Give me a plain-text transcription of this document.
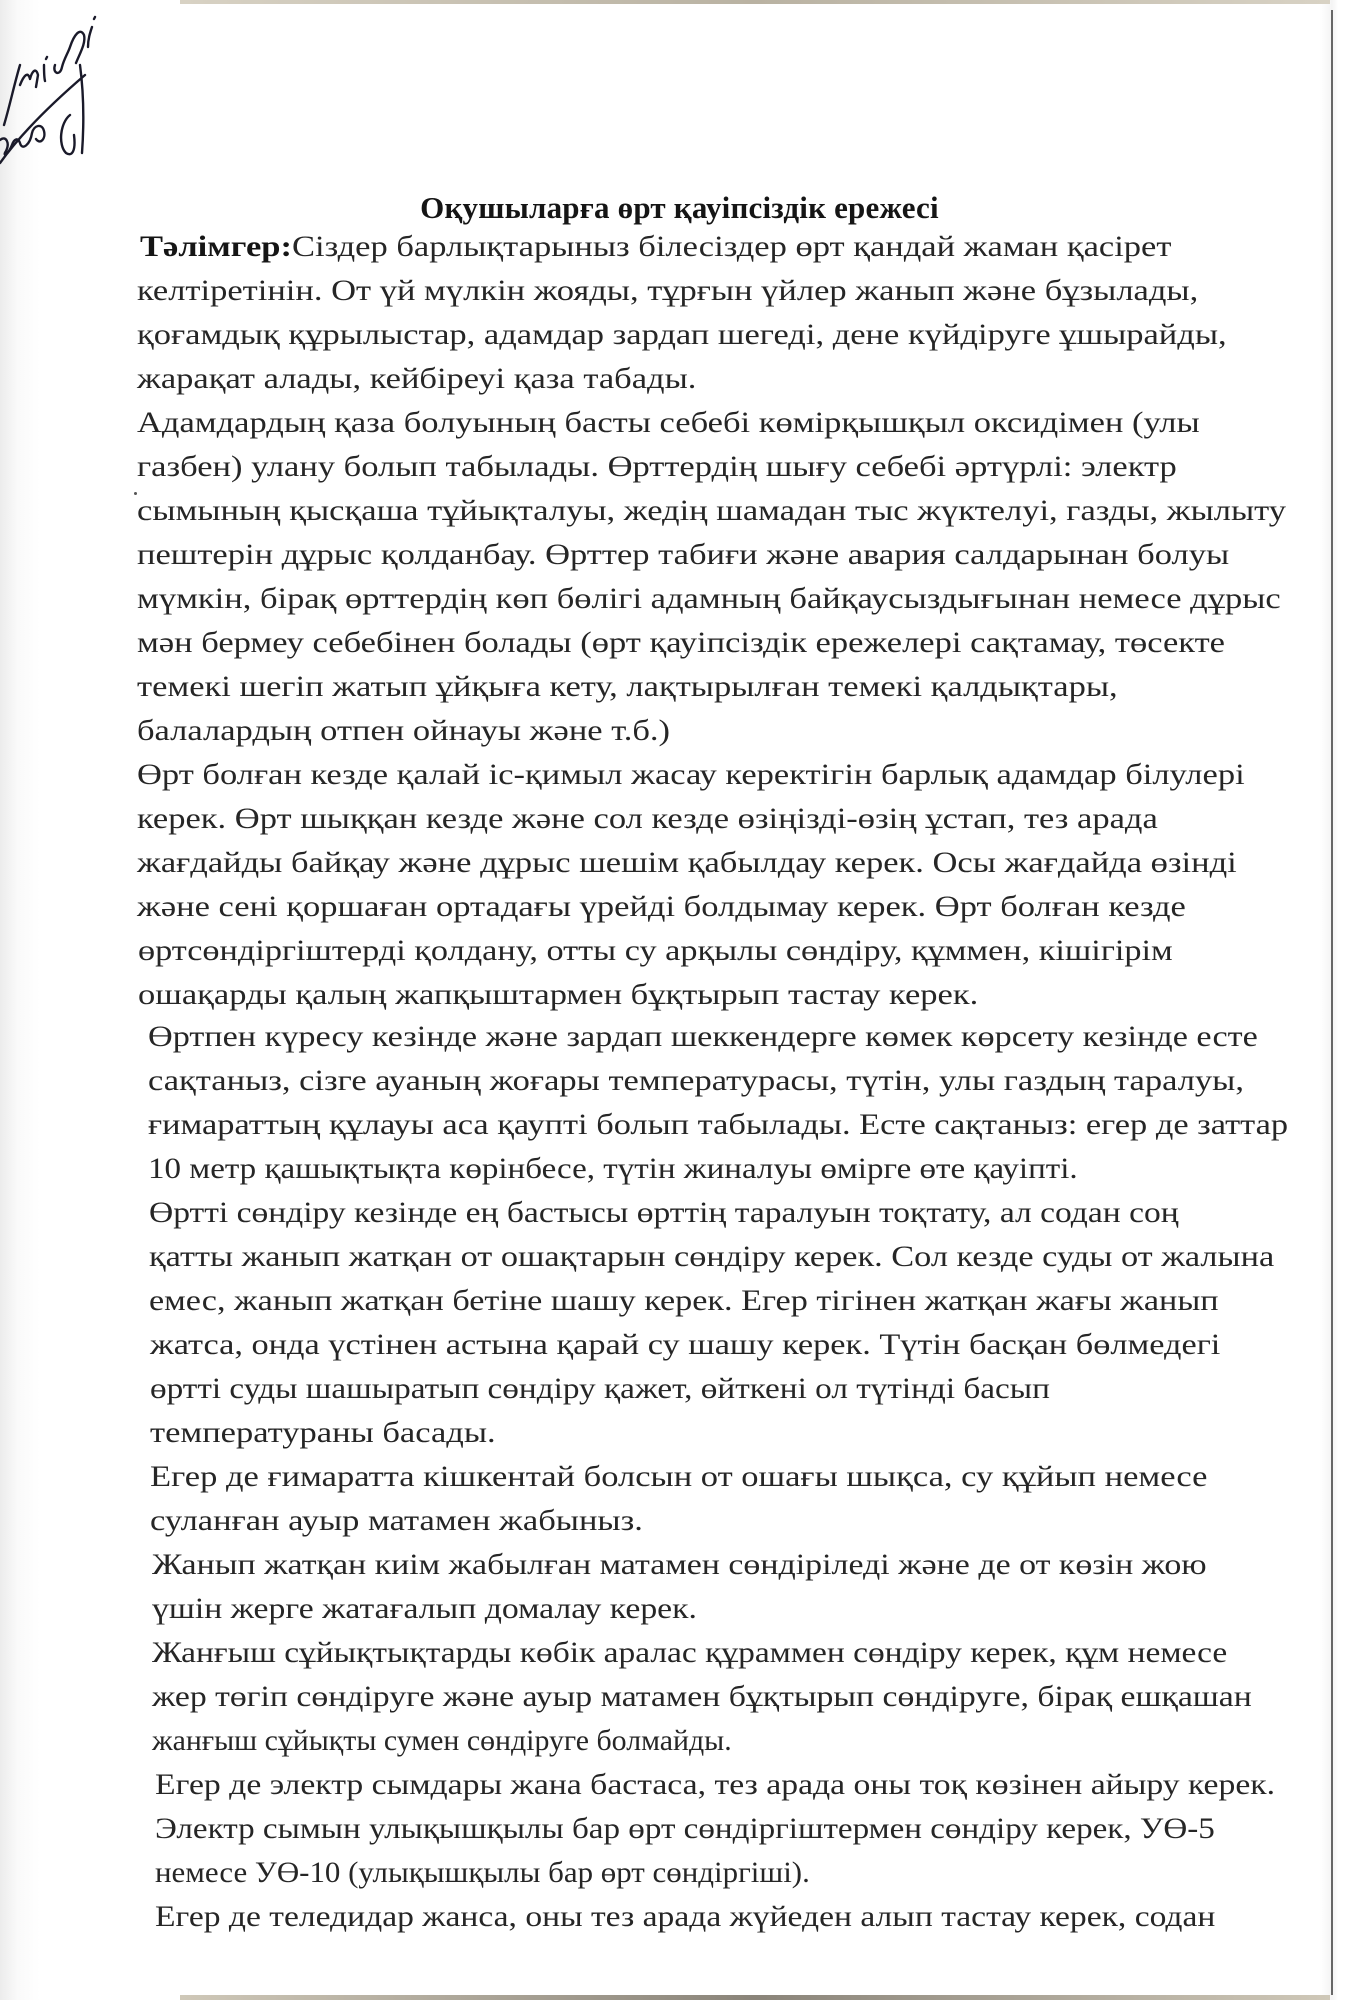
Оқушыларға өрт қауіпсіздік ережесі
Тәлімгер:Сіздер барлықтарыныз білесіздер өрт қандай жаман қасірет
келтіретінін. От үй мүлкін жояды, тұрғын үйлер жанып және бұзылады,
қоғамдық құрылыстар, адамдар зардап шегеді, дене күйдіруге ұшырайды,
жарақат алады, кейбіреуі қаза табады.
Адамдардың қаза болуының басты себебі көмірқышқыл оксидімен (улы
газбен) улану болып табылады. Өрттердің шығу себебі әртүрлі: электр
сымының қысқаша тұйықталуы, жедің шамадан тыс жүктелуі, газды, жылыту
пештерін дұрыс қолданбау. Өрттер табиғи және авария салдарынан болуы
мүмкін, бірақ өрттердің көп бөлігі адамның байқаусыздығынан немесе дұрыс
мән бермеу себебінен болады (өрт қауіпсіздік ережелері сақтамау, төсекте
темекі шегіп жатып ұйқыға кету, лақтырылған темекі қалдықтары,
балалардың отпен ойнауы және т.б.)
Өрт болған кезде қалай іс-қимыл жасау керектігін барлық адамдар білулері
керек. Өрт шыққан кезде және сол кезде өзіңізді-өзің ұстап, тез арада
жағдайды байқау және дұрыс шешім қабылдау керек. Осы жағдайда өзінді
және сені қоршаған ортадағы үрейді болдымау керек. Өрт болған кезде
өртсөндіргіштерді қолдану, отты су арқылы сөндіру, құммен, кішігірім
ошақарды қалың жапқыштармен бұқтырып тастау керек.
Өртпен күресу кезінде және зардап шеккендерге көмек көрсету кезінде есте
сақтаныз, сізге ауаның жоғары температурасы, түтін, улы газдың таралуы,
ғимараттың құлауы аса қаупті болып табылады. Есте сақтаныз: егер де заттар
10 метр қашықтықта көрінбесе, түтін жиналуы өмірге өте қауіпті.
Өртті сөндіру кезінде ең бастысы өрттің таралуын тоқтату, ал содан соң
қатты жанып жатқан от ошақтарын сөндіру керек. Сол кезде суды от жалына
емес, жанып жатқан бетіне шашу керек. Егер тігінен жатқан жағы жанып
жатса, онда үстінен астына қарай су шашу керек. Түтін басқан бөлмедегі
өртті суды шашыратып сөндіру қажет, өйткені ол түтінді басып
температураны басады.
Егер де ғимаратта кішкентай болсын от ошағы шықса, су құйып немесе
суланған ауыр матамен жабыныз.
Жанып жатқан киім жабылған матамен сөндіріледі және де от көзін жою
үшін жерге жатағалып домалау керек.
Жанғыш сұйықтықтарды көбік аралас құраммен сөндіру керек, құм немесе
жер төгіп сөндіруге және ауыр матамен бұқтырып сөндіруге, бірақ ешқашан
жанғыш сұйықты сумен сөндіруге болмайды.
Егер де электр сымдары жана бастаса, тез арада оны тоқ көзінен айыру керек.
Электр сымын улықышқылы бар өрт сөндіргіштермен сөндіру керек, УӨ-5
немесе УӨ-10 (улықышқылы бар өрт сөндіргіші).
Егер де теледидар жанса, оны тез арада жүйеден алып тастау керек, содан
